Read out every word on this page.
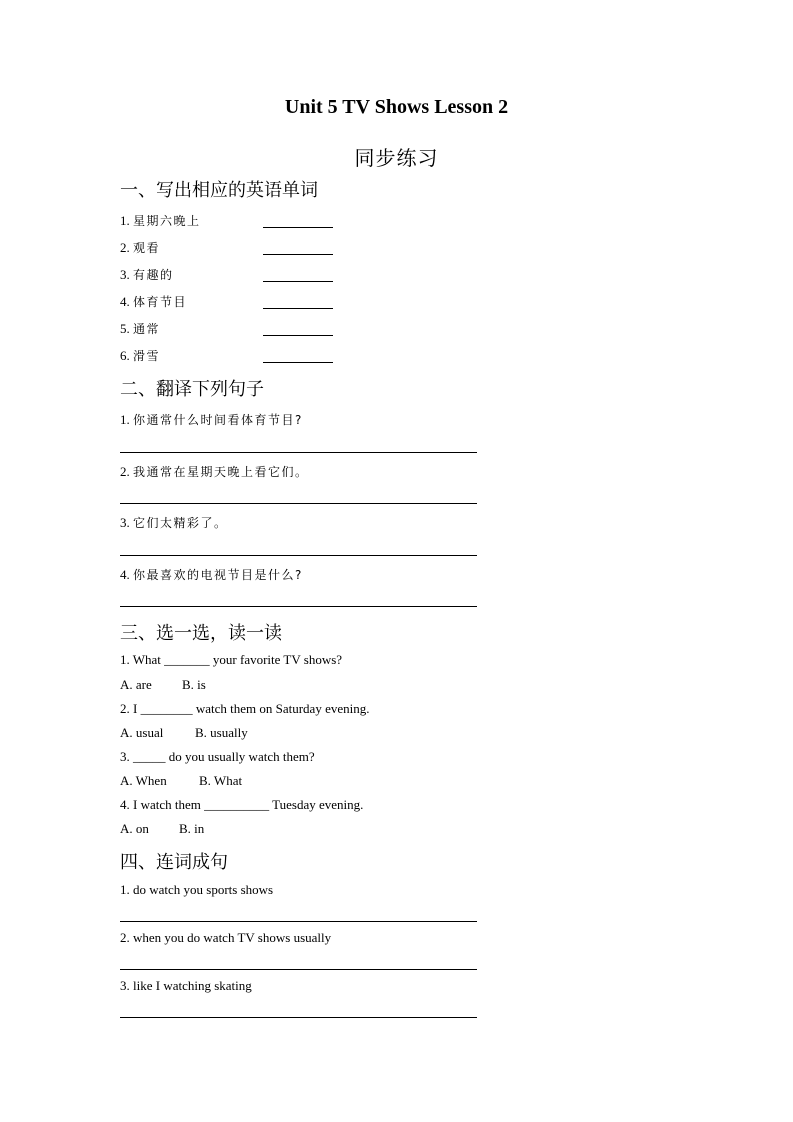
Unit 5 TV Shows Lesson 2
同步练习
一、写出相应的英语单词
1. 星期六晚上
2. 观看
3. 有趣的
4. 体育节目
5. 通常
6. 滑雪
二、翻译下列句子
1. 你通常什么时间看体育节目?
2. 我通常在星期天晚上看它们。
3. 它们太精彩了。
4. 你最喜欢的电视节目是什么?
三、选一选，读一读
1. What _______ your favorite TV shows?
A. are B. is
2. I ________ watch them on Saturday evening.
A. usual B. usually
3. _____ do you usually watch them?
A. When B. What
4. I watch them __________ Tuesday evening.
A. on B. in
四、连词成句
1. do watch you sports shows
2. when you do watch TV shows usually
3. like I watching skating
